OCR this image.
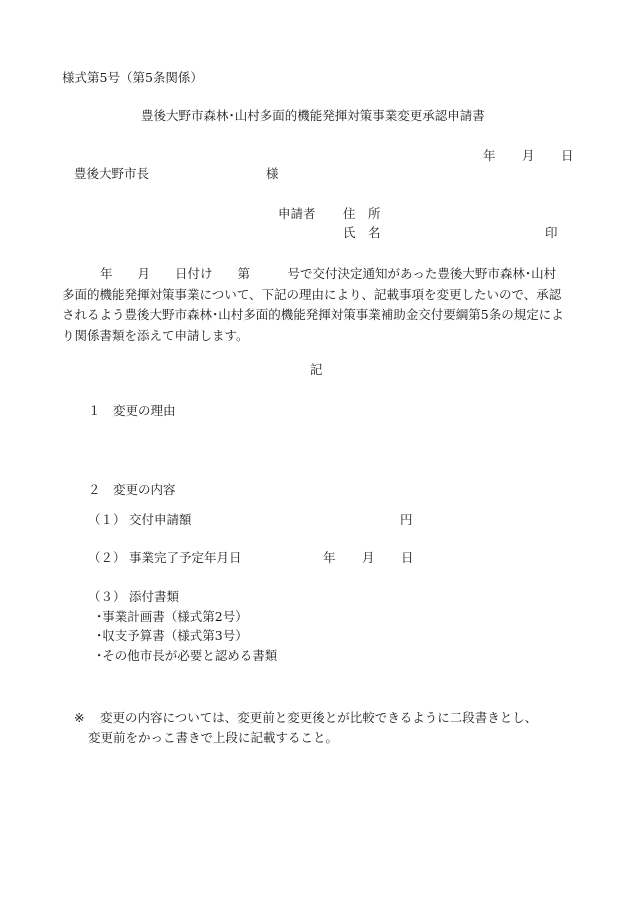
様式第5号（第5条関係）
豊後大野市森林･山村多面的機能発揮対策事業変更承認申請書
年 月 日
豊後大野市長	様
申請者 住　所
氏　名	印
年　　月　　日付け　　第　　　号で交付決定通知があった豊後大野市森林･山村
多面的機能発揮対策事業について、下記の理由により、記載事項を変更したいので、承認
されるよう豊後大野市森林･山村多面的機能発揮対策事業補助金交付要綱第5条の規定によ
り関係書類を添えて申請します。
記
１ 変更の理由
２ 変更の内容
（１） 交付申請額	円
（２） 事業完了予定年月日	年 月 日
（３） 添付書類
･事業計画書（様式第2号）
･収支予算書（様式第3号）
･その他市長が必要と認める書類
※ 変更の内容については、変更前と変更後とが比較できるように二段書きとし、
変更前をかっこ書きで上段に記載すること。
